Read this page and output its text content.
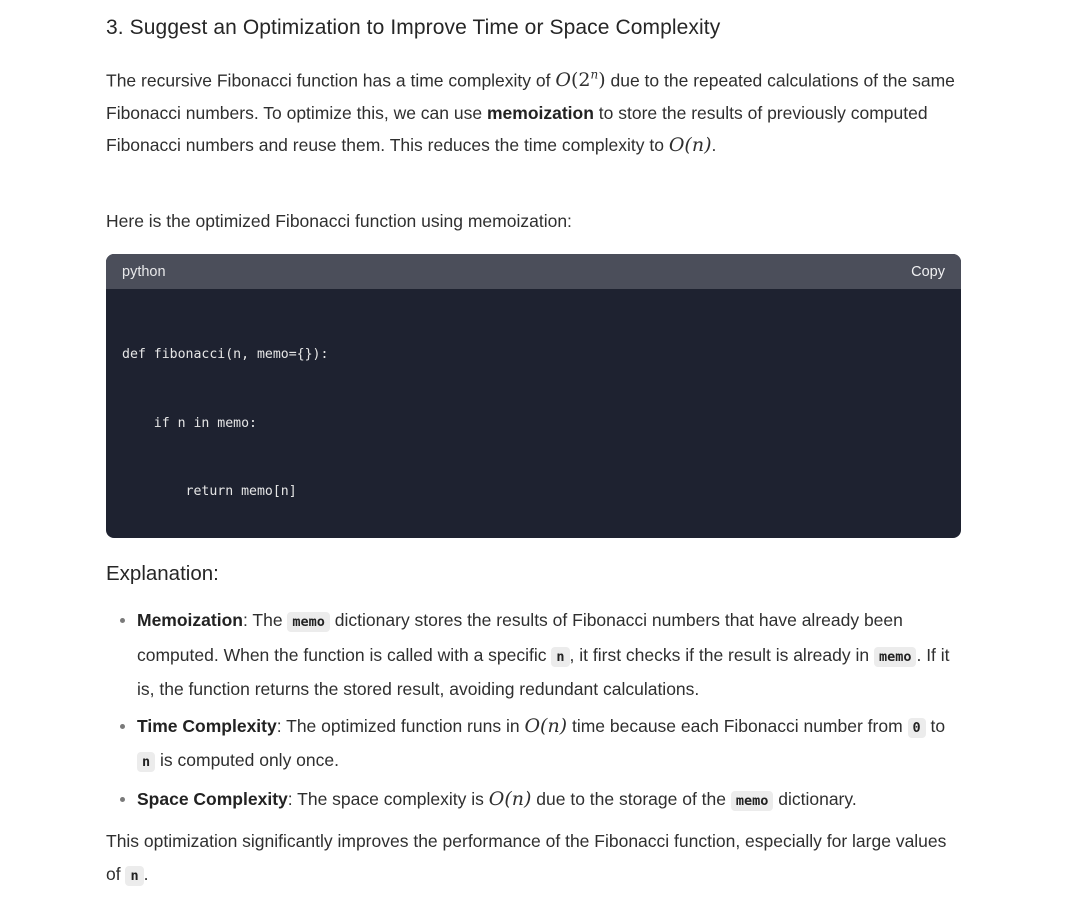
3. Suggest an Optimization to Improve Time or Space Complexity

The recursive Fibonacci function has a time complexity of O(2$^n$) due to the repeated calculations of the same Fibonacci numbers. To optimize this, we can use memoization to store the results of previously computed Fibonacci numbers and reuse them. This reduces the time complexity to O(n).

Here is the optimized Fibonacci function using memoization:

python	Copy

def fibonacci(n, memo={}):

if n in memo:

return memo[n]

Explanation:
Memoization: The memo dictionary stores the results of Fibonacci numbers that have already been computed. When the function is called with a specific n , it first checks if the result is already in memo . If it is, the function returns the stored result, avoiding redundant calculations.
Time Complexity: The optimized function runs in O(n) time because each Fibonacci number from 0 to n is computed only once.
Space Complexity: The space complexity is O(n) due to the storage of the memo dictionary.

This optimization significantly improves the performance of the Fibonacci function, especially for large values of n .
